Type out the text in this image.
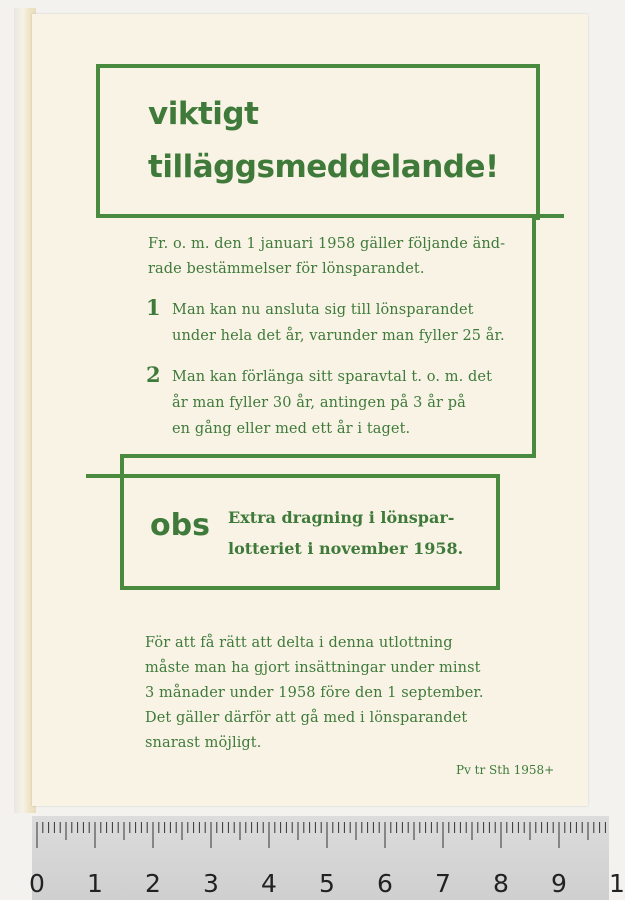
viktigt
tilläggsmeddelande!
Fr. o. m. den 1 januari 1958 gäller följande änd-
rade bestämmelser för lönsparandet.
1 Man kan nu ansluta sig till lönsparandet
under hela det år, varunder man fyller 25 år.
2 Man kan förlänga sitt sparavtal t. o. m. det
år man fyller 30 år, antingen på 3 år på
en gång eller med ett år i taget.
obs Extra dragning i lönspar-
lotteriet i november 1958.
För att få rätt att delta i denna utlottning
måste man ha gjort insättningar under minst
3 månader under 1958 före den 1 september.
Det gäller därför att gå med i lönsparandet
snarast möjligt.
Pv tr Sth 1958+
0 1 2 3 4 5 6 7 8 9 1
